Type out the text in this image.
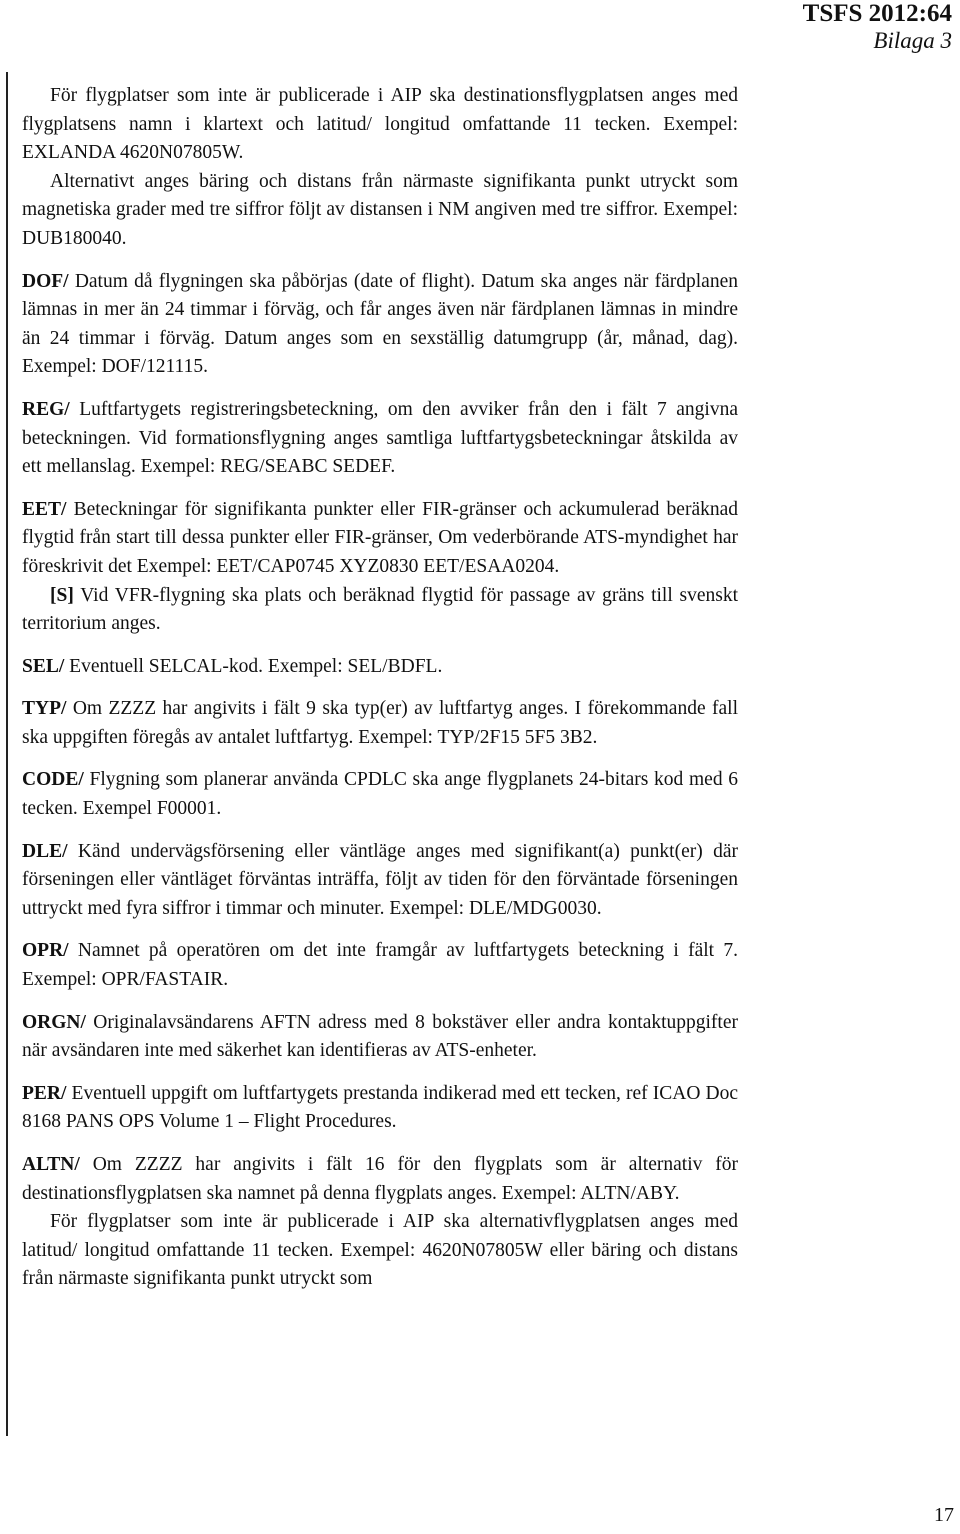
TSFS 2012:64
Bilaga 3

För flygplatser som inte är publicerade i AIP ska destinationsflygplatsen anges med flygplatsens namn i klartext och latitud/ longitud omfattande 11 tecken. Exempel: EXLANDA 4620N07805W.

Alternativt anges bäring och distans från närmaste signifikanta punkt utryckt som magnetiska grader med tre siffror följt av distansen i NM angiven med tre siffror. Exempel: DUB180040.

DOF/ Datum då flygningen ska påbörjas (date of flight). Datum ska anges när färdplanen lämnas in mer än 24 timmar i förväg, och får anges även när färdplanen lämnas in mindre än 24 timmar i förväg. Datum anges som en sexställig datumgrupp (år, månad, dag). Exempel: DOF/121115.

REG/ Luftfartygets registreringsbeteckning, om den avviker från den i fält 7 angivna beteckningen. Vid formationsflygning anges samtliga luftfartygsbeteckningar åtskilda av ett mellanslag. Exempel: REG/SEABC SEDEF.

EET/ Beteckningar för signifikanta punkter eller FIR-gränser och ackumulerad beräknad flygtid från start till dessa punkter eller FIR-gränser, Om vederbörande ATS-myndighet har föreskrivit det Exempel: EET/CAP0745 XYZ0830 EET/ESAA0204.

[S] Vid VFR-flygning ska plats och beräknad flygtid för passage av gräns till svenskt territorium anges.

SEL/ Eventuell SELCAL-kod. Exempel: SEL/BDFL.

TYP/ Om ZZZZ har angivits i fält 9 ska typ(er) av luftfartyg anges. I förekommande fall ska uppgiften föregås av antalet luftfartyg. Exempel: TYP/2F15 5F5 3B2.

CODE/ Flygning som planerar använda CPDLC ska ange flygplanets 24-bitars kod med 6 tecken. Exempel F00001.

DLE/ Känd undervägsförsening eller väntläge anges med signifikant(a) punkt(er) där förseningen eller väntläget förväntas inträffa, följt av tiden för den förväntade förseningen uttryckt med fyra siffror i timmar och minuter. Exempel: DLE/MDG0030.

OPR/ Namnet på operatören om det inte framgår av luftfartygets beteckning i fält 7. Exempel: OPR/FASTAIR.

ORGN/ Originalavsändarens AFTN adress med 8 bokstäver eller andra kontaktuppgifter när avsändaren inte med säkerhet kan identifieras av ATS-enheter.

PER/ Eventuell uppgift om luftfartygets prestanda indikerad med ett tecken, ref ICAO Doc 8168 PANS OPS Volume 1 – Flight Procedures.

ALTN/ Om ZZZZ har angivits i fält 16 för den flygplats som är alternativ för destinationsflygplatsen ska namnet på denna flygplats anges. Exempel: ALTN/ABY.

För flygplatser som inte är publicerade i AIP ska alternativflygplatsen anges med latitud/ longitud omfattande 11 tecken. Exempel: 4620N07805W eller bäring och distans från närmaste signifikanta punkt utryckt som

17
